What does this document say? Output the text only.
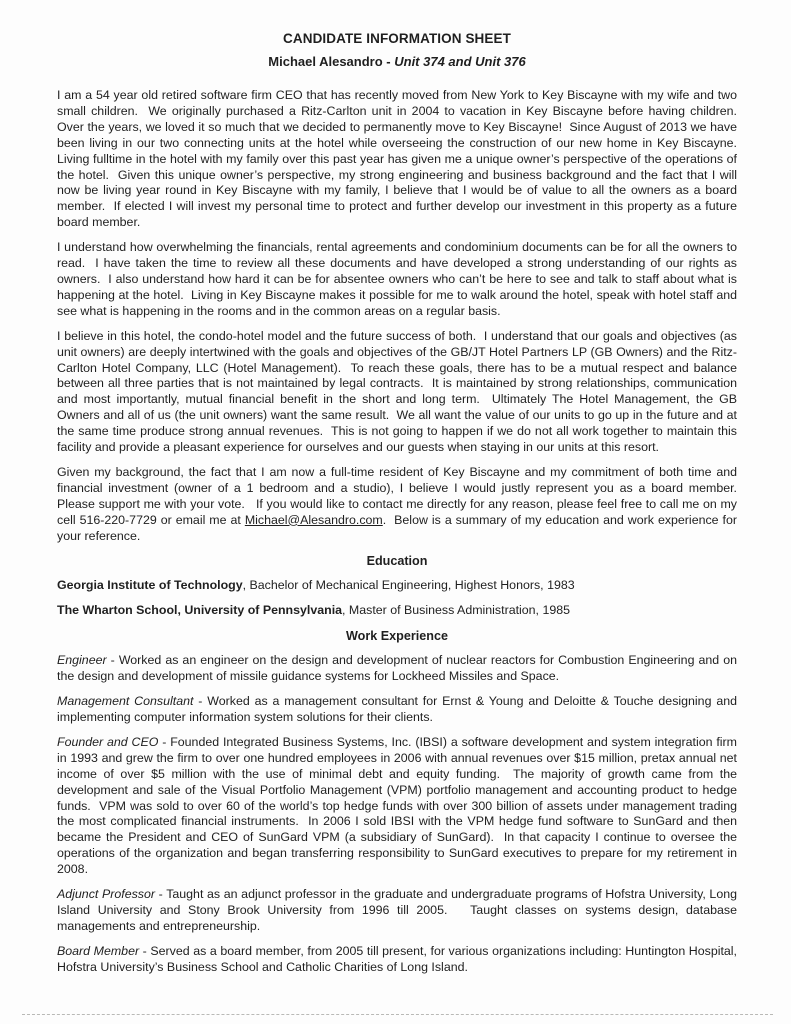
CANDIDATE INFORMATION SHEET
Michael Alesandro - Unit 374 and Unit 376

I am a 54 year old retired software firm CEO that has recently moved from New York to Key Biscayne with my wife and two small children.  We originally purchased a Ritz-Carlton unit in 2004 to vacation in Key Biscayne before having children.  Over the years, we loved it so much that we decided to permanently move to Key Biscayne!  Since August of 2013 we have been living in our two connecting units at the hotel while overseeing the construction of our new home in Key Biscayne.  Living fulltime in the hotel with my family over this past year has given me a unique owner’s perspective of the operations of the hotel.  Given this unique owner’s perspective, my strong engineering and business background and the fact that I will now be living year round in Key Biscayne with my family, I believe that I would be of value to all the owners as a board member.  If elected I will invest my personal time to protect and further develop our investment in this property as a future board member.

I understand how overwhelming the financials, rental agreements and condominium documents can be for all the owners to read.  I have taken the time to review all these documents and have developed a strong understanding of our rights as owners.  I also understand how hard it can be for absentee owners who can’t be here to see and talk to staff about what is happening at the hotel.  Living in Key Biscayne makes it possible for me to walk around the hotel, speak with hotel staff and see what is happening in the rooms and in the common areas on a regular basis.

I believe in this hotel, the condo-hotel model and the future success of both.  I understand that our goals and objectives (as unit owners) are deeply intertwined with the goals and objectives of the GB/JT Hotel Partners LP (GB Owners) and the Ritz-Carlton Hotel Company, LLC (Hotel Management).  To reach these goals, there has to be a mutual respect and balance between all three parties that is not maintained by legal contracts.  It is maintained by strong relationships, communication and most importantly, mutual financial benefit in the short and long term.  Ultimately The Hotel Management, the GB Owners and all of us (the unit owners) want the same result.  We all want the value of our units to go up in the future and at the same time produce strong annual revenues.  This is not going to happen if we do not all work together to maintain this facility and provide a pleasant experience for ourselves and our guests when staying in our units at this resort.

Given my background, the fact that I am now a full-time resident of Key Biscayne and my commitment of both time and financial investment (owner of a 1 bedroom and a studio), I believe I would justly represent you as a board member.   Please support me with your vote.   If you would like to contact me directly for any reason, please feel free to call me on my cell 516-220-7729 or email me at Michael@Alesandro.com.  Below is a summary of my education and work experience for your reference.

Education

Georgia Institute of Technology, Bachelor of Mechanical Engineering, Highest Honors, 1983

The Wharton School, University of Pennsylvania, Master of Business Administration, 1985

Work Experience

Engineer - Worked as an engineer on the design and development of nuclear reactors for Combustion Engineering and on the design and development of missile guidance systems for Lockheed Missiles and Space.

Management Consultant - Worked as a management consultant for Ernst & Young and Deloitte & Touche designing and implementing computer information system solutions for their clients.

Founder and CEO - Founded Integrated Business Systems, Inc. (IBSI) a software development and system integration firm in 1993 and grew the firm to over one hundred employees in 2006 with annual revenues over $15 million, pretax annual net income of over $5 million with the use of minimal debt and equity funding.  The majority of growth came from the development and sale of the Visual Portfolio Management (VPM) portfolio management and accounting product to hedge funds.  VPM was sold to over 60 of the world’s top hedge funds with over 300 billion of assets under management trading the most complicated financial instruments.  In 2006 I sold IBSI with the VPM hedge fund software to SunGard and then became the President and CEO of SunGard VPM (a subsidiary of SunGard).  In that capacity I continue to oversee the operations of the organization and began transferring responsibility to SunGard executives to prepare for my retirement in 2008.

Adjunct Professor - Taught as an adjunct professor in the graduate and undergraduate programs of Hofstra University, Long Island University and Stony Brook University from 1996 till 2005.   Taught classes on systems design, database managements and entrepreneurship.

Board Member - Served as a board member, from 2005 till present, for various organizations including: Huntington Hospital, Hofstra University’s Business School and Catholic Charities of Long Island.
